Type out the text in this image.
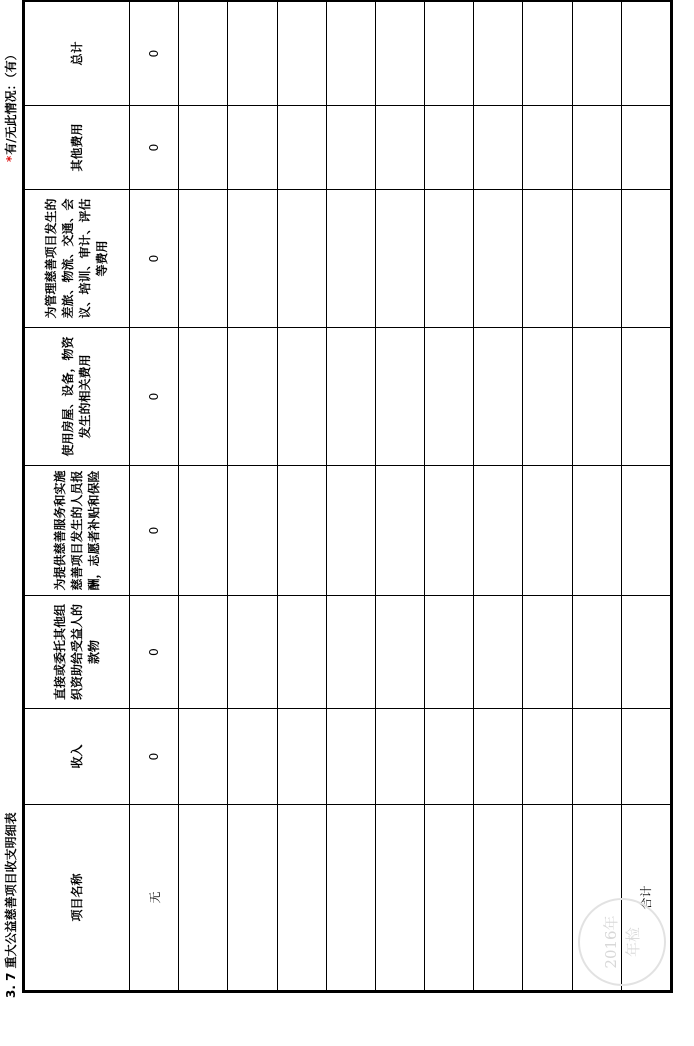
3. 7 重大公益慈善项目收支明细表
*有/无此情况：（有）
项目名称	收入	直接或委托其他组织资助给受益人的款物	为提供慈善服务和实施慈善项目发生的人员报酬，志愿者补贴和保险	使用房屋、设备，物资发生的相关费用	为管理慈善项目发生的差旅、物流、交通、会议、培训、审计、评估等费用	其他费用	总计
无	0	0	0	0	0	0	0

合计							
2016年 年检
